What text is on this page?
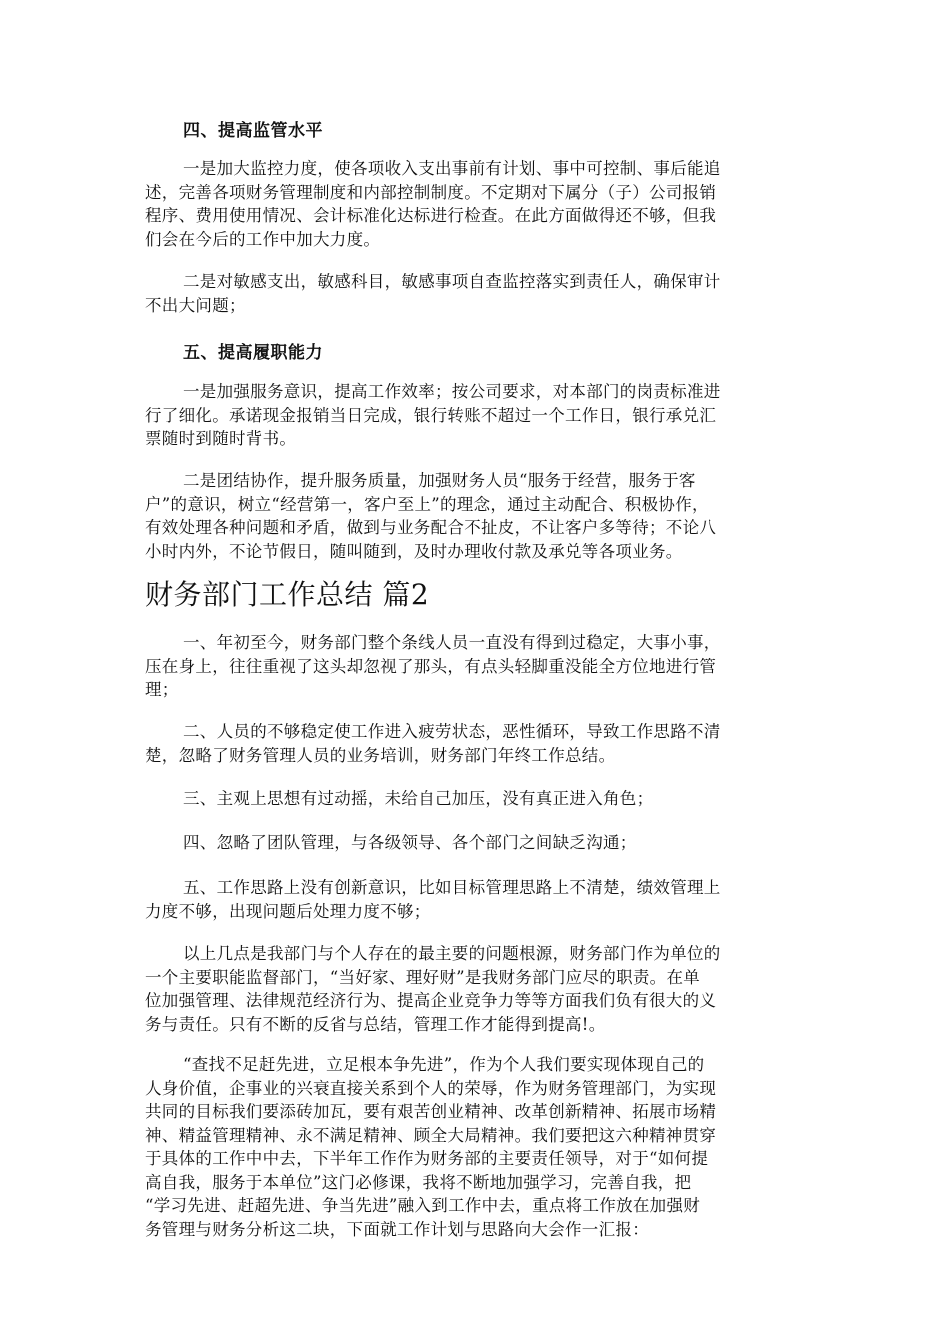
四、提高监管水平
一是加大监控力度，使各项收入支出事前有计划、事中可控制、事后能追
述，完善各项财务管理制度和内部控制制度。不定期对下属分（子）公司报销
程序、费用使用情况、会计标准化达标进行检查。在此方面做得还不够，但我
们会在今后的工作中加大力度。
二是对敏感支出，敏感科目，敏感事项自查监控落实到责任人，确保审计
不出大问题；
五、提高履职能力
一是加强服务意识，提高工作效率；按公司要求，对本部门的岗责标准进
行了细化。承诺现金报销当日完成，银行转账不超过一个工作日，银行承兑汇
票随时到随时背书。
二是团结协作，提升服务质量，加强财务人员“服务于经营，服务于客
户”的意识，树立“经营第一，客户至上”的理念，通过主动配合、积极协作，
有效处理各种问题和矛盾，做到与业务配合不扯皮，不让客户多等待；不论八
小时内外，不论节假日，随叫随到，及时办理收付款及承兑等各项业务。
财务部门工作总结 篇2
一、年初至今，财务部门整个条线人员一直没有得到过稳定，大事小事，
压在身上，往往重视了这头却忽视了那头，有点头轻脚重没能全方位地进行管
理；
二、人员的不够稳定使工作进入疲劳状态，恶性循环，导致工作思路不清
楚，忽略了财务管理人员的业务培训，财务部门年终工作总结。
三、主观上思想有过动摇，未给自己加压，没有真正进入角色；
四、忽略了团队管理，与各级领导、各个部门之间缺乏沟通；
五、工作思路上没有创新意识，比如目标管理思路上不清楚，绩效管理上
力度不够，出现问题后处理力度不够；
以上几点是我部门与个人存在的最主要的问题根源，财务部门作为单位的
一个主要职能监督部门，“当好家、理好财”是我财务部门应尽的职责。在单
位加强管理、法律规范经济行为、提高企业竞争力等等方面我们负有很大的义
务与责任。只有不断的反省与总结，管理工作才能得到提高!。
“查找不足赶先进，立足根本争先进”，作为个人我们要实现体现自己的
人身价值，企事业的兴衰直接关系到个人的荣辱，作为财务管理部门，为实现
共同的目标我们要添砖加瓦，要有艰苦创业精神、改革创新精神、拓展市场精
神、精益管理精神、永不满足精神、顾全大局精神。我们要把这六种精神贯穿
于具体的工作中中去，下半年工作作为财务部的主要责任领导，对于“如何提
高自我，服务于本单位”这门必修课，我将不断地加强学习，完善自我，把
“学习先进、赶超先进、争当先进”融入到工作中去，重点将工作放在加强财
务管理与财务分析这二块，下面就工作计划与思路向大会作一汇报：
